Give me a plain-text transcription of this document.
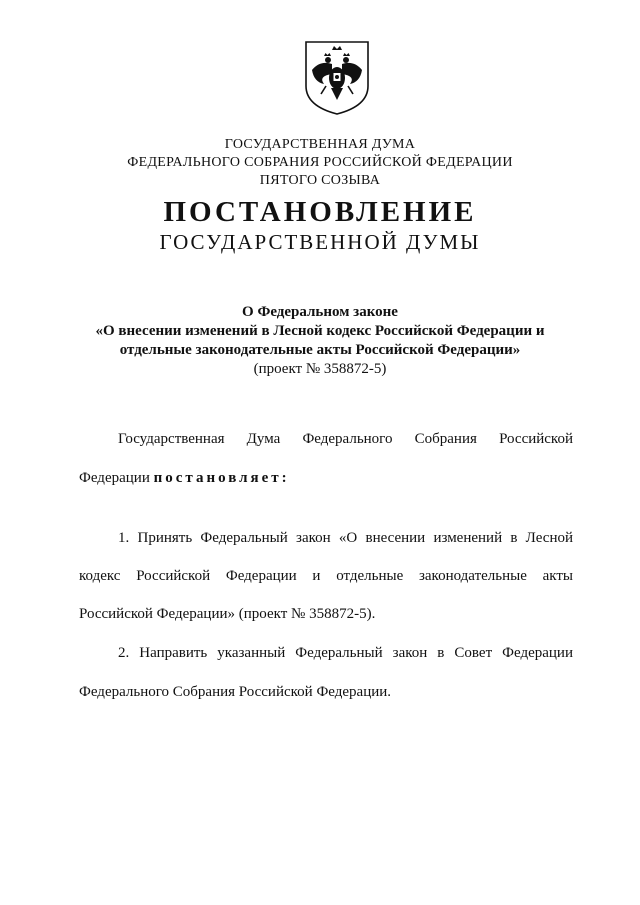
ГОСУДАРСТВЕННАЯ ДУМА
ФЕДЕРАЛЬНОГО СОБРАНИЯ РОССИЙСКОЙ ФЕДЕРАЦИИ
ПЯТОГО СОЗЫВА
ПОСТАНОВЛЕНИЕ
ГОСУДАРСТВЕННОЙ ДУМЫ
О Федеральном законе
«О внесении изменений в Лесной кодекс Российской Федерации и
отдельные законодательные акты Российской Федерации»
(проект № 358872-5)
Государственная Дума Федерального Собрания Российской
Федерации постановляет:
1. Принять Федеральный закон «О внесении изменений в Лесной
кодекс Российской Федерации и отдельные законодательные акты
Российской Федерации» (проект № 358872-5).
2. Направить указанный Федеральный закон в Совет Федерации
Федерального Собрания Российской Федерации.
